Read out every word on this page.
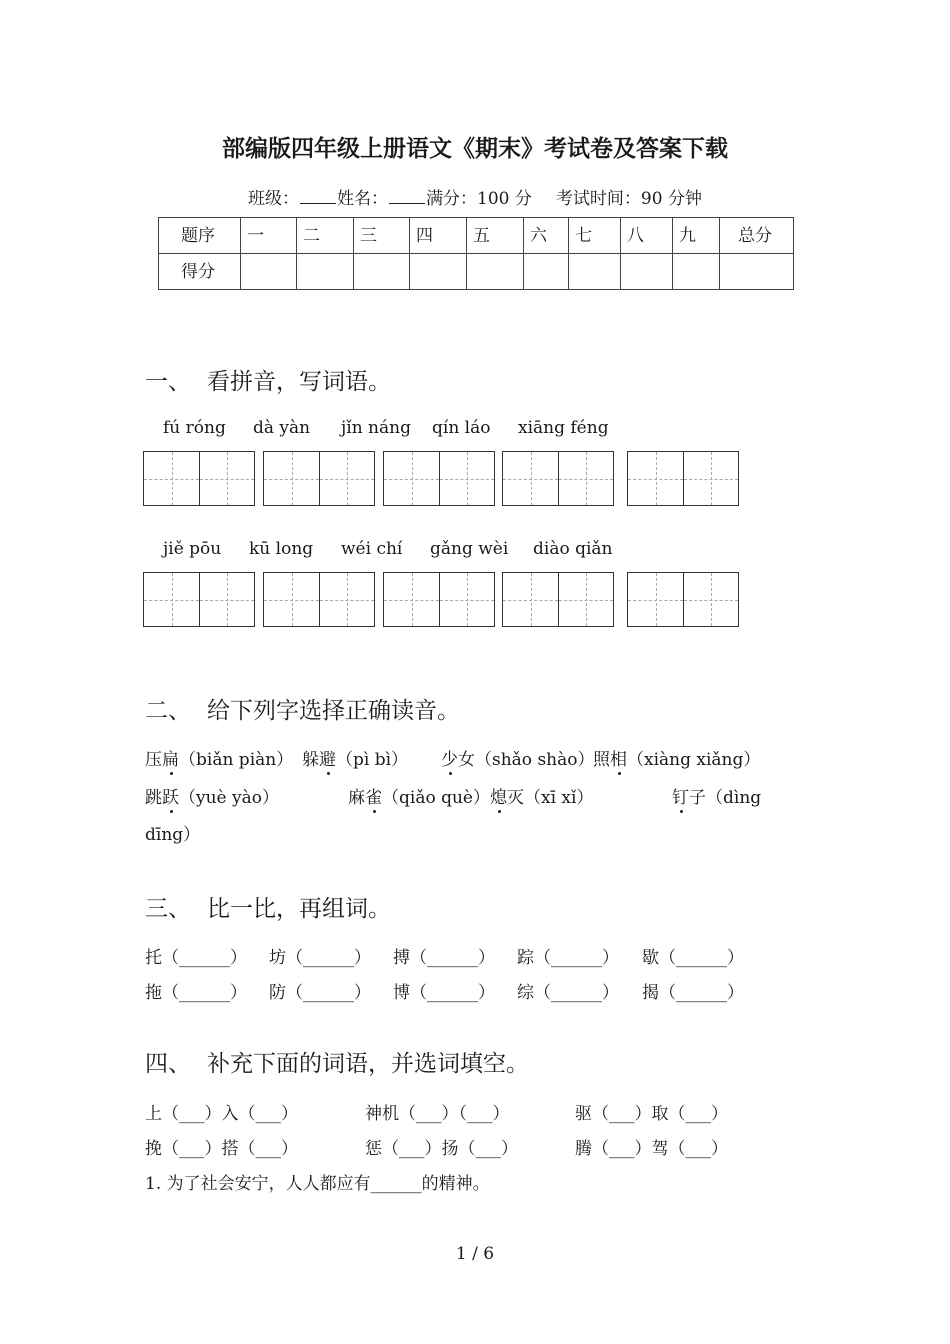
部编版四年级上册语文《期末》考试卷及答案下载
班级： 姓名： 满分：100 分 考试时间：90 分钟
题序	一	二	三	四	五	六	七	八	九	总分
得分										
一、 看拼音，写词语。
fú róng dà yàn jǐn náng qín láo xiāng féng
jiě pōu kū long wéi chí gǎng wèi diào qiǎn
二、 给下列字选择正确读音。
压扁（biǎn piàn） 躲避（pì bì） 少女（shǎo shào）
照相（xiàng xiǎng）
跳跃（yuè yào）	麻雀（qiǎo què） 熄灭（xī xǐ）	钉子（dìng
dīng）
三、 比一比，再组词。
托（______） 坊（______） 搏（______） 踪（______） 歇（______）
拖（______） 防（______） 博（______） 综（______） 揭（______）
四、 补充下面的词语，并选词填空。
上（___）入（___）	神机（___）（___）	驱（___）取（___）
挽（___）搭（___）	惩（___）扬（___）	腾（___）驾（___）
1. 为了社会安宁，人人都应有______的精神。
1 / 6
